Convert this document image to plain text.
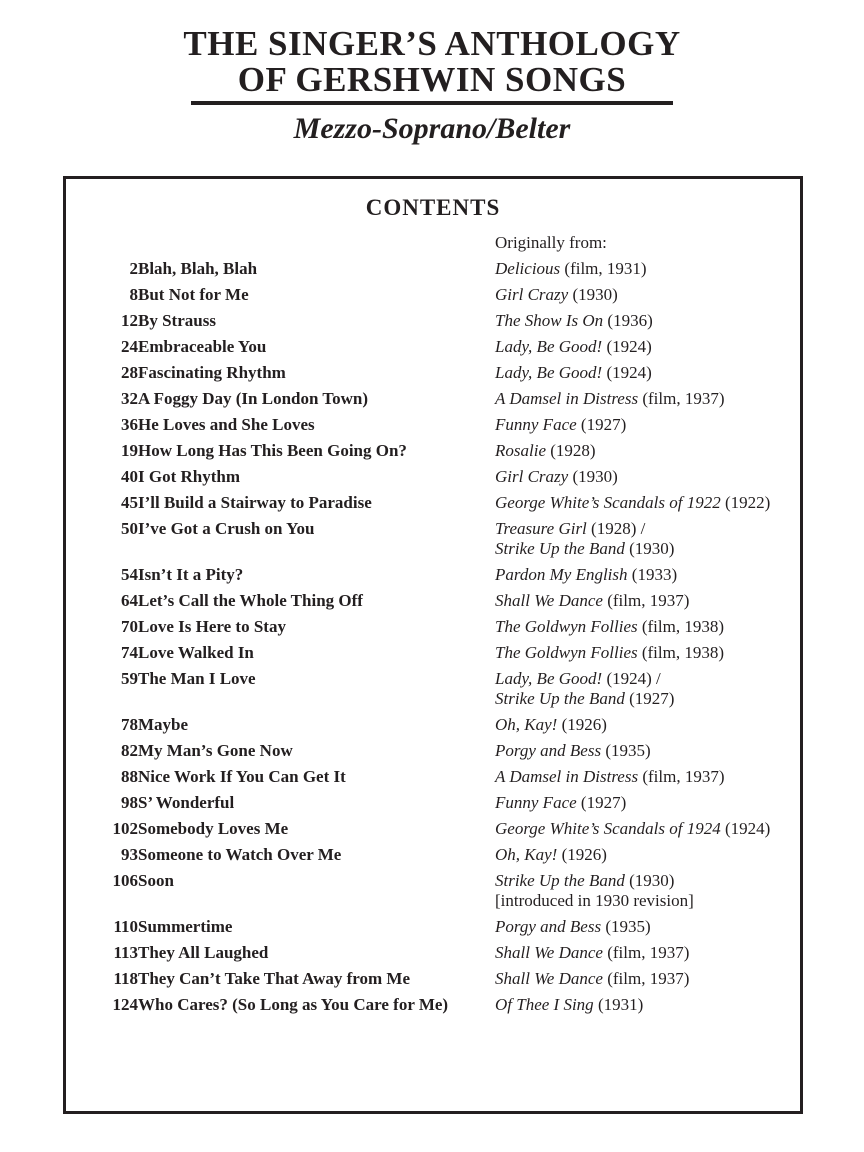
THE SINGER’S ANTHOLOGY
OF GERSHWIN SONGS
Mezzo-Soprano/Belter
CONTENTS
		Originally from:
2	Blah, Blah, Blah	Delicious (film, 1931)

8	But Not for Me	Girl Crazy (1930)

12	By Strauss	The Show Is On (1936)

24	Embraceable You	Lady, Be Good! (1924)

28	Fascinating Rhythm	Lady, Be Good! (1924)

32	A Foggy Day (In London Town)	A Damsel in Distress (film, 1937)

36	He Loves and She Loves	Funny Face (1927)

19	How Long Has This Been Going On?	Rosalie (1928)

40	I Got Rhythm	Girl Crazy (1930)

45	I’ll Build a Stairway to Paradise	George White’s Scandals of 1922 (1922)

50	I’ve Got a Crush on You	Treasure Girl (1928) /
Strike Up the Band (1930)

54	Isn’t It a Pity?	Pardon My English (1933)

64	Let’s Call the Whole Thing Off	Shall We Dance (film, 1937)

70	Love Is Here to Stay	The Goldwyn Follies (film, 1938)

74	Love Walked In	The Goldwyn Follies (film, 1938)

59	The Man I Love	Lady, Be Good! (1924) /
Strike Up the Band (1927)

78	Maybe	Oh, Kay! (1926)

82	My Man’s Gone Now	Porgy and Bess (1935)

88	Nice Work If You Can Get It	A Damsel in Distress (film, 1937)

98	S’ Wonderful	Funny Face (1927)

102	Somebody Loves Me	George White’s Scandals of 1924 (1924)

93	Someone to Watch Over Me	Oh, Kay! (1926)

106	Soon	Strike Up the Band (1930)
[introduced in 1930 revision]

110	Summertime	Porgy and Bess (1935)

113	They All Laughed	Shall We Dance (film, 1937)

118	They Can’t Take That Away from Me	Shall We Dance (film, 1937)

124	Who Cares? (So Long as You Care for Me)	Of Thee I Sing (1931)
